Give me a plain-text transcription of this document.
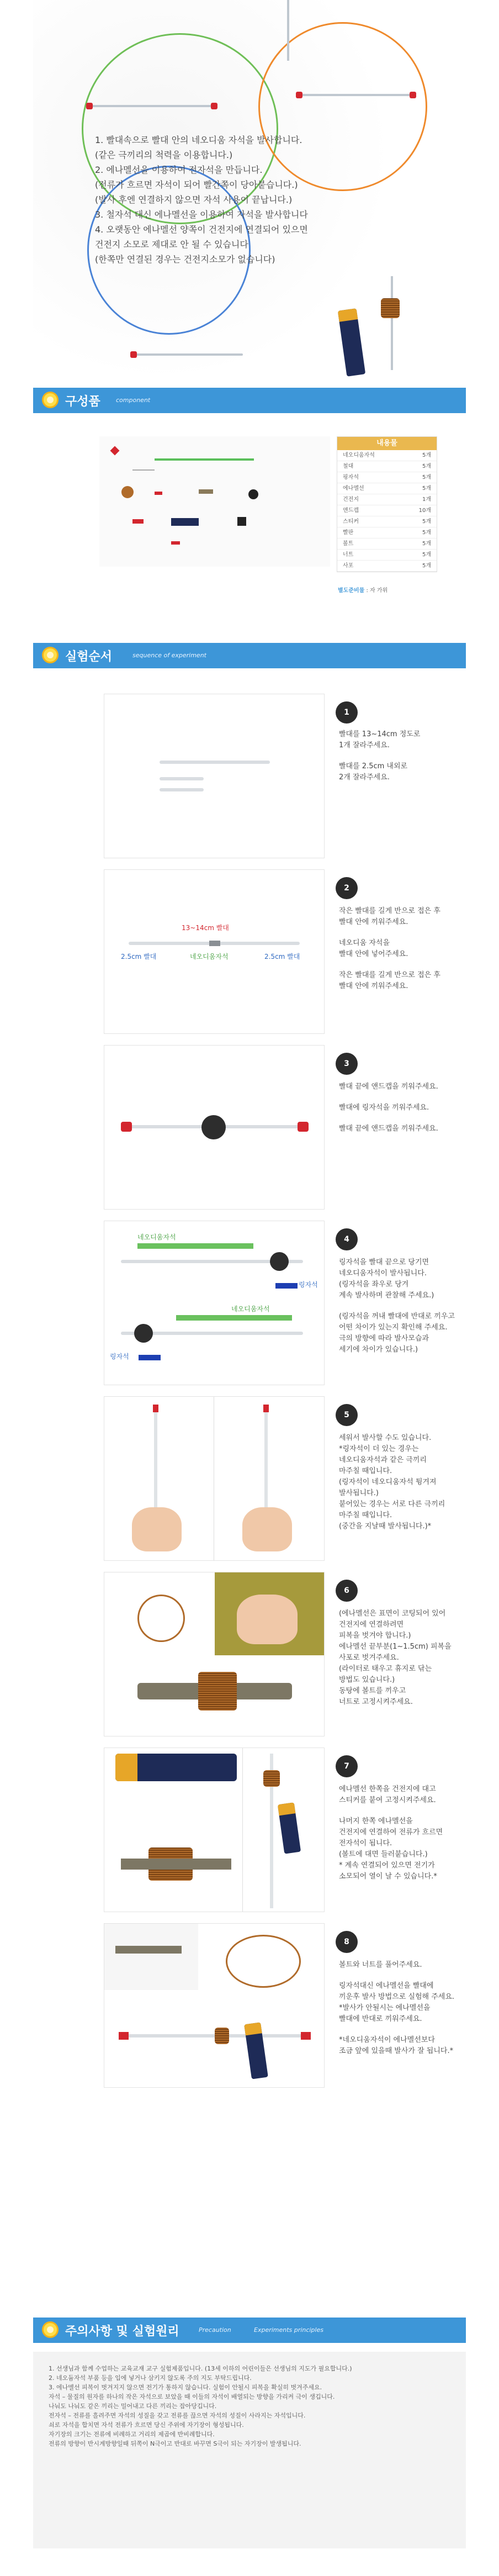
1. 빨대속으로 빨대 안의 네오디움 자석을 발사합니다.
(같은 극끼리의 척력을 이용합니다.)
2. 에나멜선을 이용하여 전자석을 만듭니다.
(전류가 흐르면 자석이 되어 빨간쪽이 당아붙습니다.)
(발사 후엔 연결하지 않으면 자석 사용이 끝납니다.)
3. 철자석 대신 에나멜선을 이용하여 자석을 발사합니다
4. 오랫동안 에나멜선 양쪽이 건전지에 연결되어 있으면
건전지 소모로 제대로 안 될 수 있습니다
(한쪽만 연결된 경우는 건전지소모가 없습니다)
구성품	component
내용물
네오디움자석	5개
철대	5개
핑자석	5개
에나멜선	5개
건전지	1개
앤드캡	10개
스티커	5개
빨판	5개
볼트	5개
너트	5개
사포	5개
별도준비물 : 자 가위
실험순서	sequence of experiment
1

빨대를 13~14cm 정도로
1개 잘라주세요.

빨대를 2.5cm 내외로
2개 잘라주세요.

13~14cm 빨대
2.5cm 빨대	네오디움자석	2.5cm 빨대
2

작은 빨대를 길게 반으로 접은 후
빨대 안에 끼워주세요.

네오디움 자석을
빨대 안에 넣어주세요.

작은 빨대를 길게 반으로 접은 후
빨대 안에 끼워주세요.

3

빨대 끝에 앤드캡을 끼워주세요.

빨대에 링자석을 끼워주세요.

빨대 끝에 앤드캡을 끼워주세요.

네오디움자석
링자석
네오디움자석
링자석
4

링자석을 빨대 끝으로 당기면
네오디움자석이 발사됩니다.
(링자석을 좌우로 당겨
계속 발사하며 관찰해 주세요.)

(링자석을 꺼내 빨대에 반대로 끼우고
어떤 차이가 있는지 확인해 주세요.
극의 방향에 따라 발사모습과
세기에 차이가 있습니다.)

5

세워서 발사할 수도 있습니다.
*링자석이 더 있는 경우는
네오디움자석과 같은 극끼리
마주칠 때입니다.
(링자석이 네오디움자석 튕겨져
발사됩니다.)
붙어있는 경우는 서로 다른 극끼리
마주칠 때입니다.
(중간을 지날때 발사됩니다.)*

6

(에나멜선은 표면이 코팅되어 있어
건전지에 연결하려면
피복을 벗겨야 합니다.)
에나멜선 끝부분(1~1.5cm) 피복을
사포로 벗겨주세요.
(라이터로 태우고 휴지로 닦는
방법도 있습니다.)
동탕에 볼트를 끼우고
너트로 고정시켜주세요.

7

에나멜선 한쪽을 건전지에 대고
스티커를 붙여 고정시켜주세요.

나머지 한쪽 에나멜선을
건전지에 연결하여 전류가 흐르면
전자석이 됩니다.
(볼트에 대면 들러붙습니다.)
* 계속 연결되어 있으면 전기가
소모되어 열이 날 수 있습니다.*

8

볼트와 너트를 풀어주세요.

링자석대신 에나멜선을 빨대에
끼운후 발사 방법으로 실험해 주세요.
*발사가 안될시는 에나멜선을
빨대에 반대로 끼워주세요.

*네오디움자석이 에나멜선보다
조금 앞에 있을때 발사가 잘 됩니다.*

주의사항 및 실험원리	Precaution	Experiments principles
1. 선생님과 함께 수업하는 교육교재 교구 실험제품입니다. (13세 이하의 어린이들은 선생님의 지도가 필요합니다.)
2. 네오듐자석 부품 등을 입에 넣거나 삼키지 않도록 주의 지도 부탁드립니다.
3. 에나멜선 피복이 벗겨지지 않으면 전기가 통하지 않습니다. 실험이 안될시 피복을 확실히 벗겨주세요.
자석 – 물질의 원자를 하나의 작은 자석으로 보았을 때 이들의 자석이 배열되는 방향을 가리켜 극이 생깁니다.
나눠도 나눠도 같은 끼리는 밀어내고 다른 끼리는 잡아당깁니다.
전자석 – 전류를 흘려주면 자석의 성질을 갖고 전류를 끊으면 자석의 성질이 사라지는 자석입니다.
쇠로 자석을 합치면 자석 전류가 흐르면 당신 주위에 자기장이 형성됩니다.
자기장의 크기는 전류에 비례하고 거리의 제곱에 반비례합니다.
전류의 방향이 반시계방향일때 뒤쪽이 N극이고 반대로 바꾸면 S극이 되는 자기장이 발생됩니다.
